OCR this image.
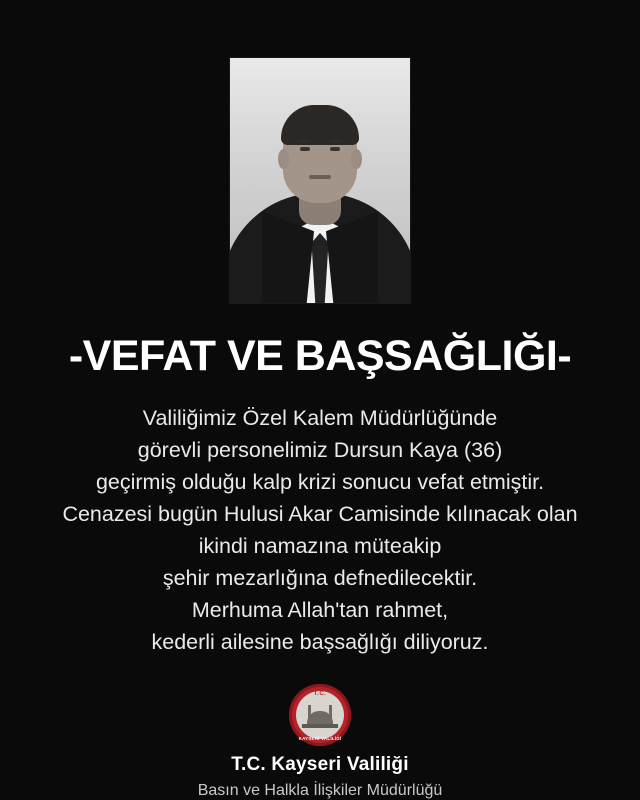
-VEFAT VE BAŞSAĞLIĞI-
Valiliğimiz Özel Kalem Müdürlüğünde
görevli personelimiz Dursun Kaya (36)
geçirmiş olduğu kalp krizi sonucu vefat etmiştir.
Cenazesi bugün Hulusi Akar Camisinde kılınacak olan
ikindi namazına müteakip
şehir mezarlığına defnedilecektir.
Merhuma Allah'tan rahmet,
kederli ailesine başsağlığı diliyoruz.
T.C.
KAYSERİ VALİLİĞİ
T.C. Kayseri Valiliği
Basın ve Halkla İlişkiler Müdürlüğü
